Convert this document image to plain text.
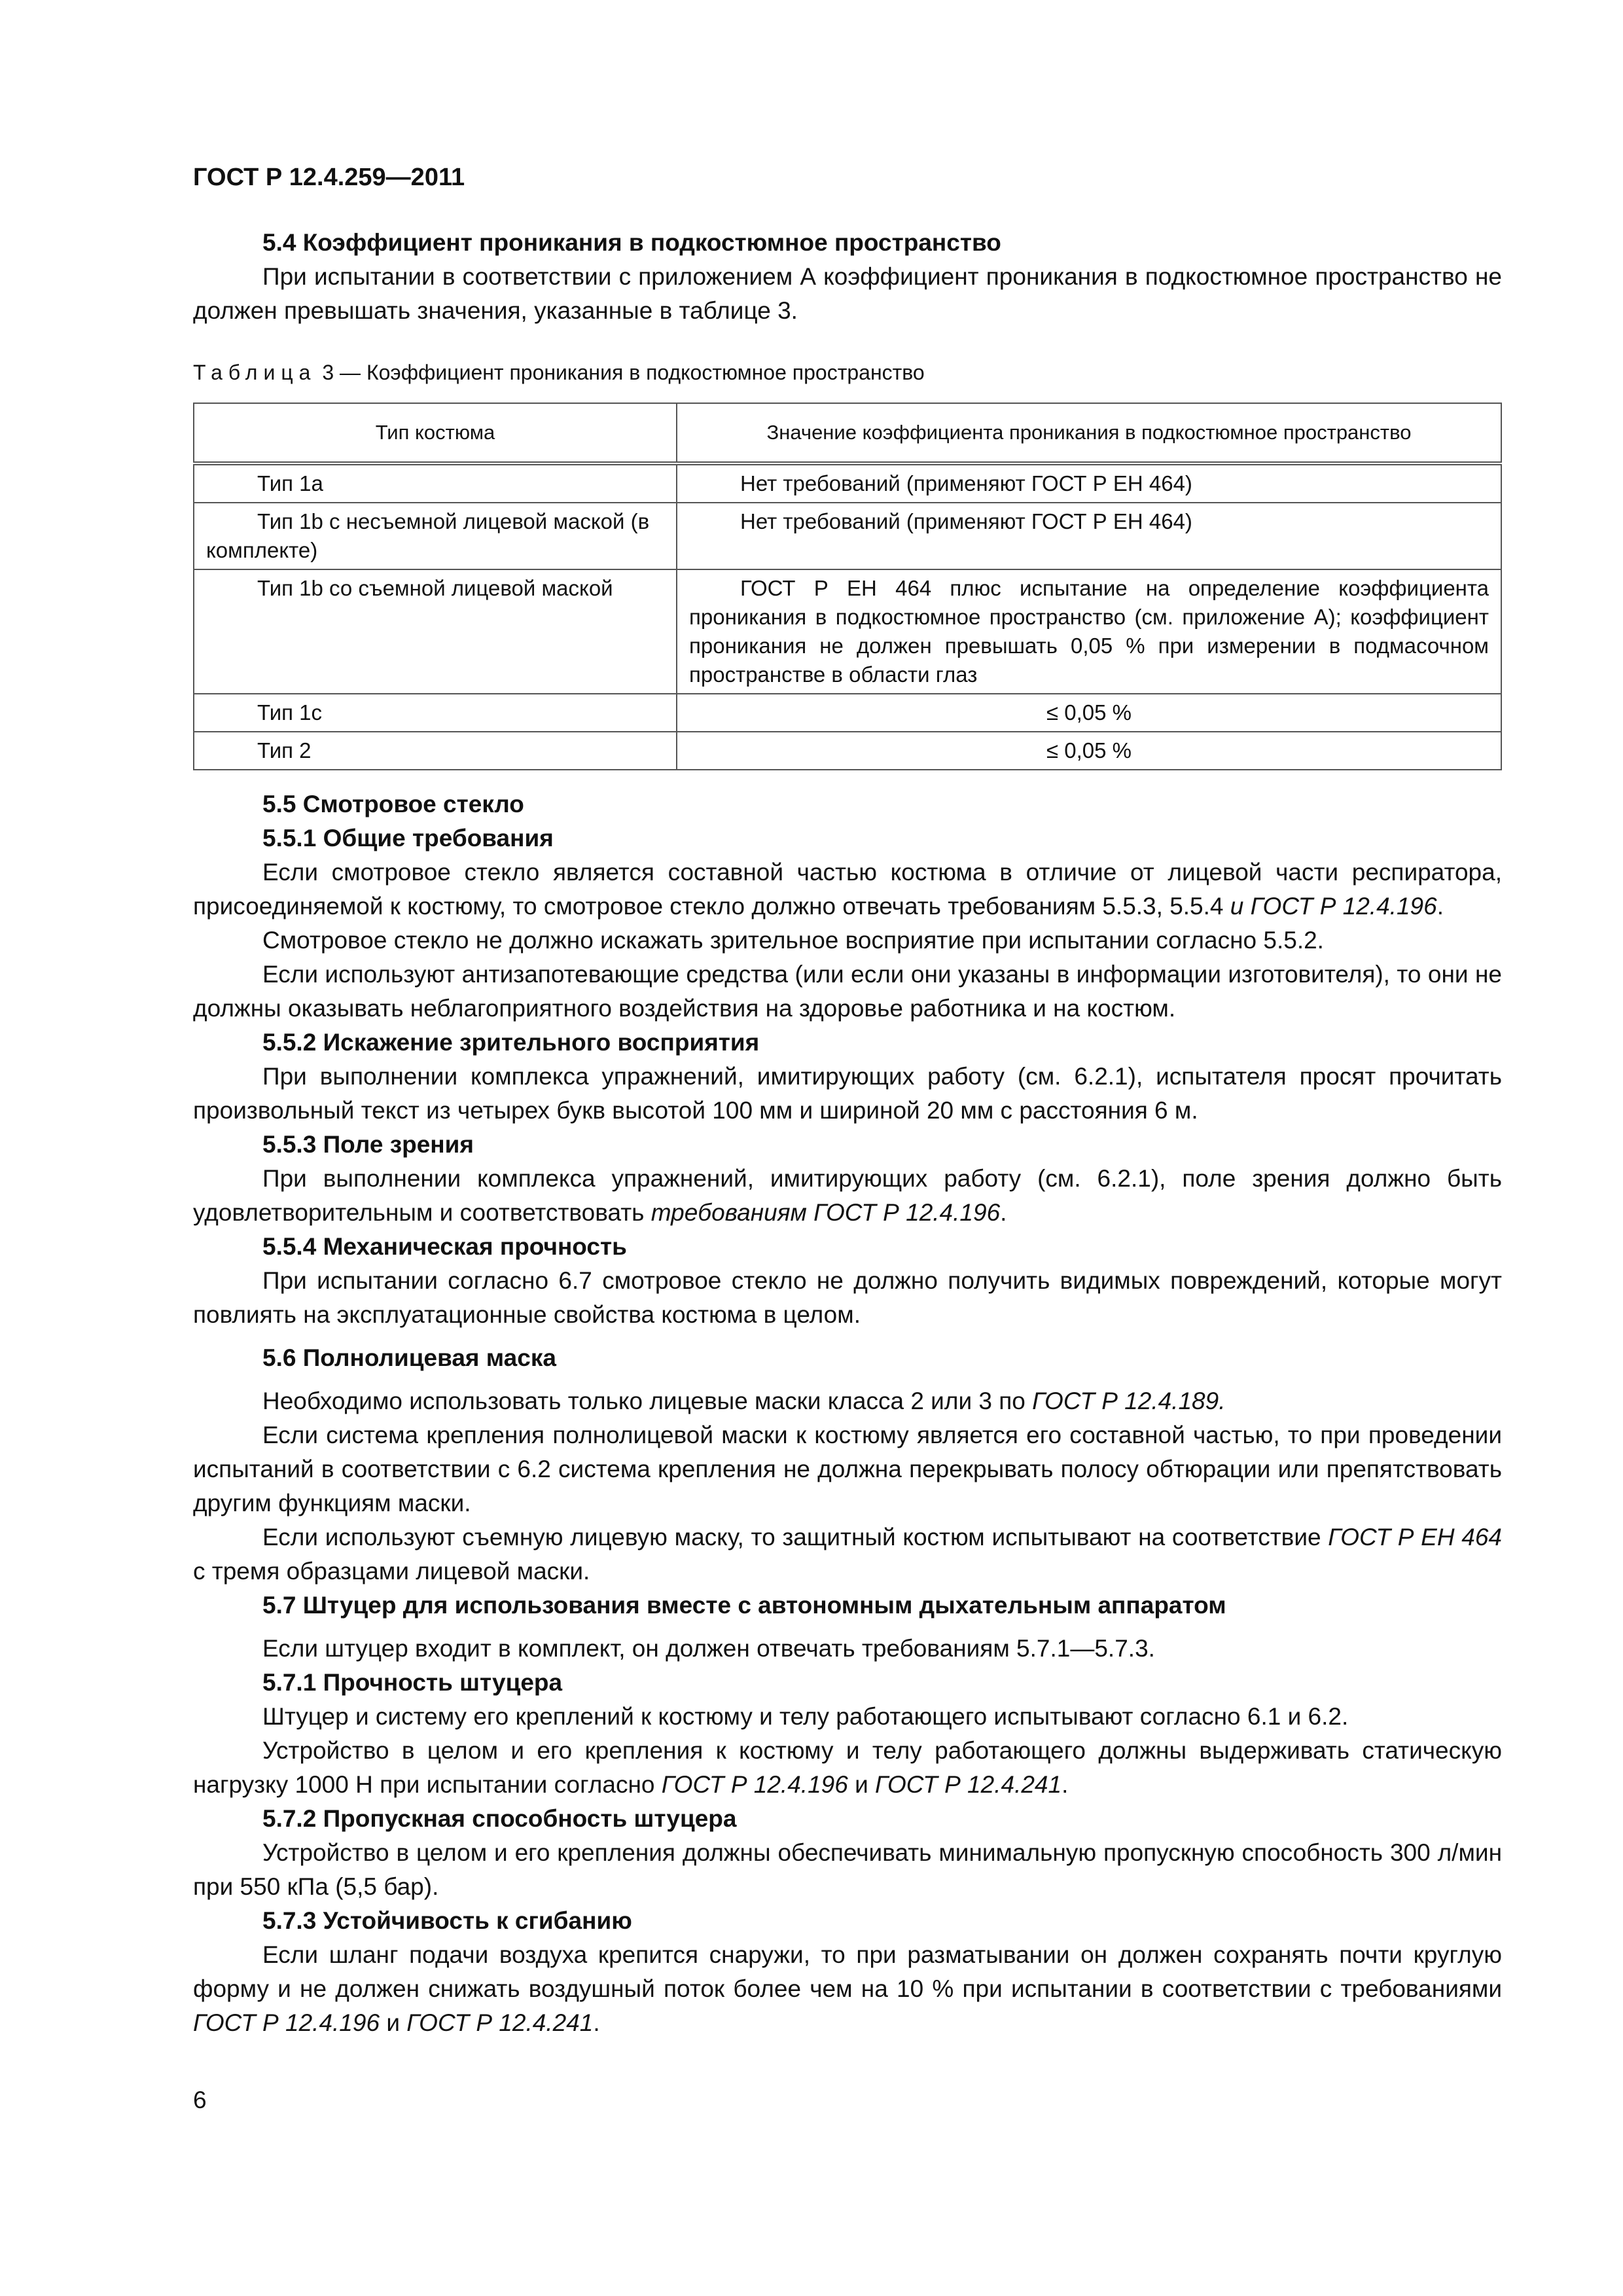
ГОСТ Р 12.4.259—2011

5.4 Коэффициент проникания в подкостюмное пространство

При испытании в соответствии с приложением А коэффициент проникания в подкостюмное пространство не должен превышать значения, указанные в таблице 3.

Таблица 3 — Коэффициент проникания в подкостюмное пространство

Тип костюма	Значение коэффициента проникания в подкостюмное пространство

Тип 1а	Нет требований (применяют ГОСТ Р ЕН 464)

Тип 1b с несъемной лицевой маской (в комплекте)	Нет требований (применяют ГОСТ Р ЕН 464)

Тип 1b со съемной лицевой маской	ГОСТ Р ЕН 464 плюс испытание на определение коэффициента проникания в подкостюмное пространство (см. приложение А); коэффициент проникания не должен превышать 0,05 % при измерении в подмасочном пространстве в области глаз

Тип 1с	≤ 0,05 %

Тип 2	≤ 0,05 %

5.5 Смотровое стекло

5.5.1 Общие требования

Если смотровое стекло является составной частью костюма в отличие от лицевой части респиратора, присоединяемой к костюму, то смотровое стекло должно отвечать требованиям 5.5.3, 5.5.4 и ГОСТ Р 12.4.196.

Смотровое стекло не должно искажать зрительное восприятие при испытании согласно 5.5.2.

Если используют антизапотевающие средства (или если они указаны в информации изготовителя), то они не должны оказывать неблагоприятного воздействия на здоровье работника и на костюм.

5.5.2 Искажение зрительного восприятия

При выполнении комплекса упражнений, имитирующих работу (см. 6.2.1), испытателя просят прочитать произвольный текст из четырех букв высотой 100 мм и шириной 20 мм с расстояния 6 м.

5.5.3 Поле зрения

При выполнении комплекса упражнений, имитирующих работу (см. 6.2.1), поле зрения должно быть удовлетворительным и соответствовать требованиям ГОСТ Р 12.4.196.

5.5.4 Механическая прочность

При испытании согласно 6.7 смотровое стекло не должно получить видимых повреждений, которые могут повлиять на эксплуатационные свойства костюма в целом.

5.6 Полнолицевая маска

Необходимо использовать только лицевые маски класса 2 или 3 по ГОСТ Р 12.4.189.

Если система крепления полнолицевой маски к костюму является его составной частью, то при проведении испытаний в соответствии с 6.2 система крепления не должна перекрывать полосу обтюрации или препятствовать другим функциям маски.

Если используют съемную лицевую маску, то защитный костюм испытывают на соответствие ГОСТ Р ЕН 464 с тремя образцами лицевой маски.

5.7 Штуцер для использования вместе с автономным дыхательным аппаратом

Если штуцер входит в комплект, он должен отвечать требованиям 5.7.1—5.7.3.

5.7.1 Прочность штуцера

Штуцер и систему его креплений к костюму и телу работающего испытывают согласно 6.1 и 6.2.

Устройство в целом и его крепления к костюму и телу работающего должны выдерживать статическую нагрузку 1000 Н при испытании согласно ГОСТ Р 12.4.196 и ГОСТ Р 12.4.241.

5.7.2 Пропускная способность штуцера

Устройство в целом и его крепления должны обеспечивать минимальную пропускную способность 300 л/мин при 550 кПа (5,5 бар).

5.7.3 Устойчивость к сгибанию

Если шланг подачи воздуха крепится снаружи, то при разматывании он должен сохранять почти круглую форму и не должен снижать воздушный поток более чем на 10 % при испытании в соответствии с требованиями ГОСТ Р 12.4.196 и ГОСТ Р 12.4.241.

6
